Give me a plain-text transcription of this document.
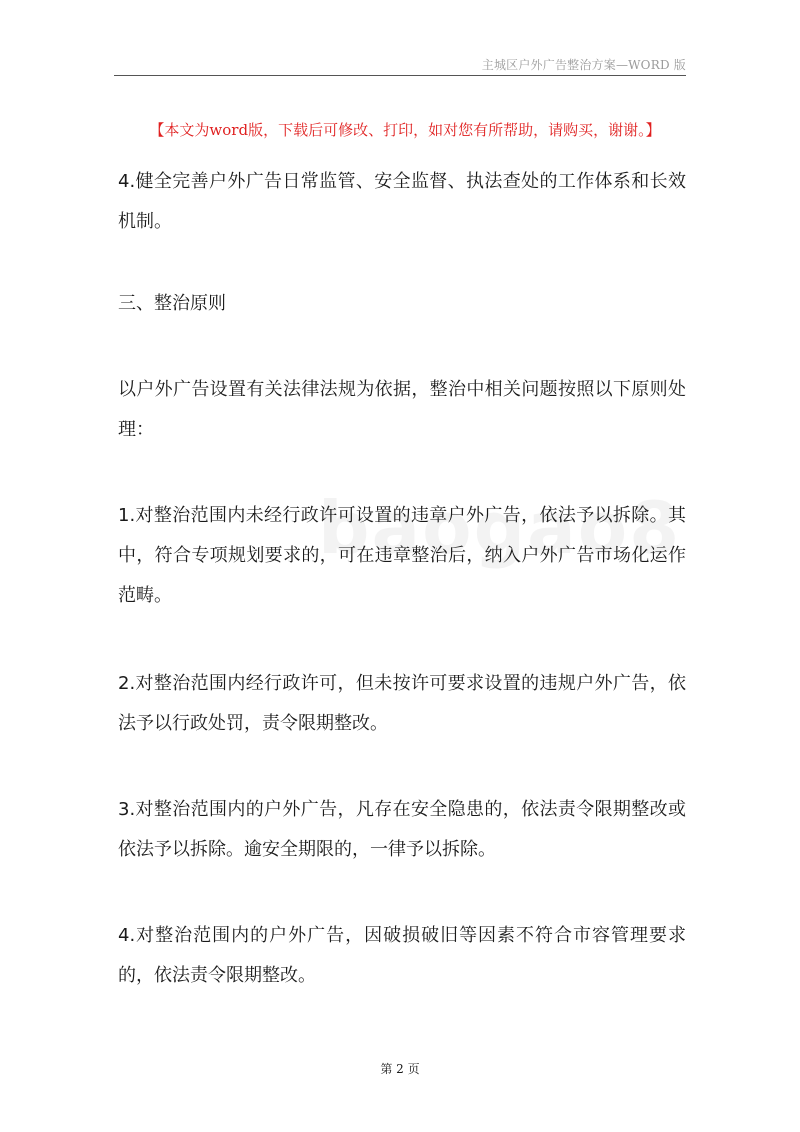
主城区户外广告整治方案—WORD 版
【本文为word版，下载后可修改、打印，如对您有所帮助，请购买，谢谢。】

4.健全完善户外广告日常监管、安全监督、执法查处的工作体系和长效机制。

三、整治原则

以户外广告设置有关法律法规为依据，整治中相关问题按照以下原则处理：

1.对整治范围内未经行政许可设置的违章户外广告，依法予以拆除。其中，符合专项规划要求的，可在违章整治后，纳入户外广告市场化运作范畴。

2.对整治范围内经行政许可，但未按许可要求设置的违规户外广告，依法予以行政处罚，责令限期整改。

3.对整治范围内的户外广告，凡存在安全隐患的，依法责令限期整改或依法予以拆除。逾安全期限的，一律予以拆除。

4.对整治范围内的户外广告，因破损破旧等因素不符合市容管理要求的，依法责令限期整改。

第 2 页
